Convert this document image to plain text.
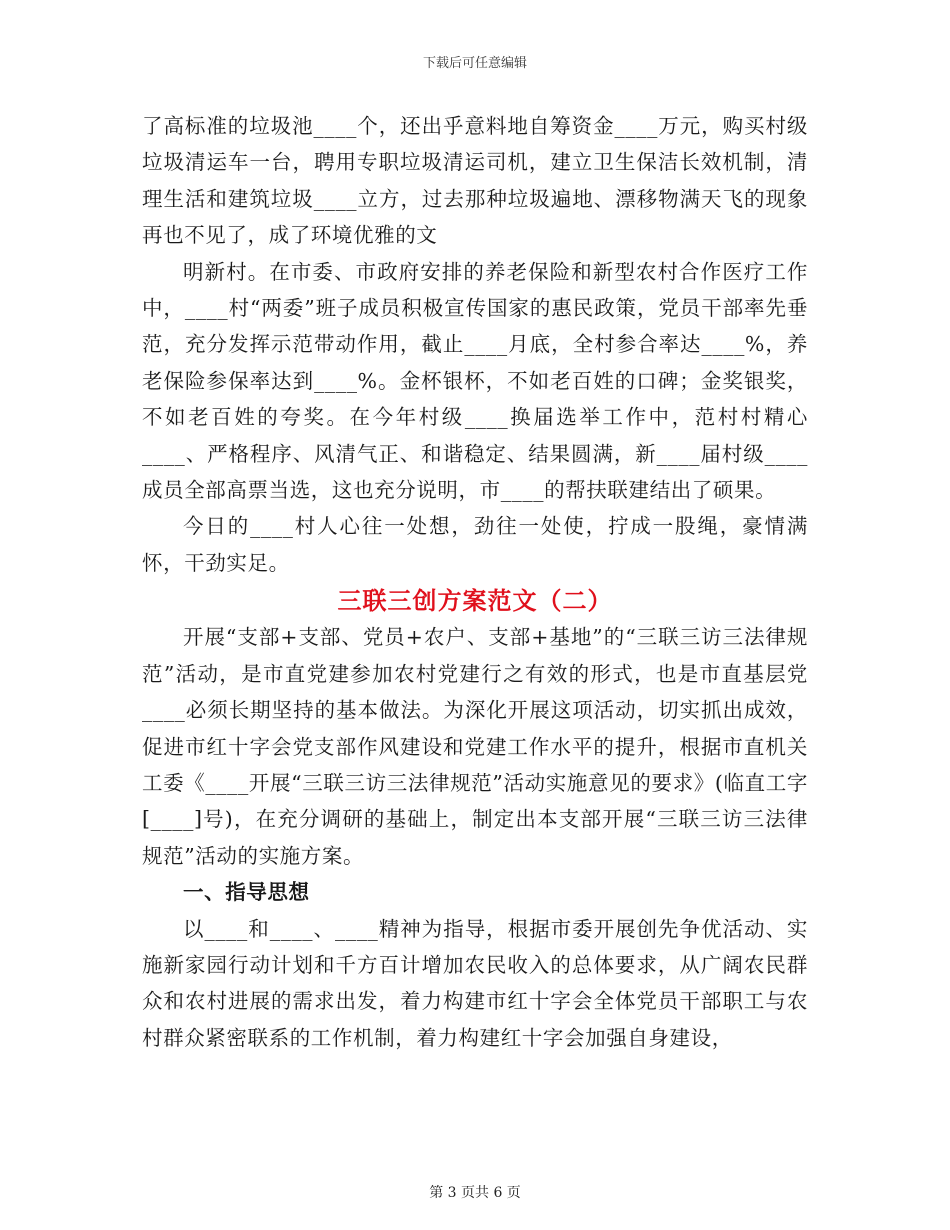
下载后可任意编辑

了高标准的垃圾池____个，还出乎意料地自筹资金____万元，购买村级垃圾清运车一台，聘用专职垃圾清运司机，建立卫生保洁长效机制，清理生活和建筑垃圾____立方，过去那种垃圾遍地、漂移物满天飞的现象再也不见了，成了环境优雅的文

明新村。在市委、市政府安排的养老保险和新型农村合作医疗工作中，____村“两委”班子成员积极宣传国家的惠民政策，党员干部率先垂范，充分发挥示范带动作用，截止____月底，全村参合率达____%，养老保险参保率达到____%。金杯银杯，不如老百姓的口碑；金奖银奖，不如老百姓的夸奖。在今年村级____换届选举工作中，范村村精心____、严格程序、风清气正、和谐稳定、结果圆满，新____届村级____成员全部高票当选，这也充分说明，市____的帮扶联建结出了硕果。

今日的____村人心往一处想，劲往一处使，拧成一股绳，豪情满怀，干劲实足。

三联三创方案范文（二）

开展“支部+支部、党员+农户、支部+基地”的“三联三访三法律规范”活动，是市直党建参加农村党建行之有效的形式，也是市直基层党____必须长期坚持的基本做法。为深化开展这项活动，切实抓出成效，促进市红十字会党支部作风建设和党建工作水平的提升，根据市直机关工委《____开展“三联三访三法律规范”活动实施意见的要求》(临直工字[____]号)，在充分调研的基础上，制定出本支部开展“三联三访三法律规范”活动的实施方案。

一、指导思想

以____和____、____精神为指导，根据市委开展创先争优活动、实施新家园行动计划和千方百计增加农民收入的总体要求，从广阔农民群众和农村进展的需求出发，着力构建市红十字会全体党员干部职工与农村群众紧密联系的工作机制，着力构建红十字会加强自身建设，

第 3 页共 6 页
